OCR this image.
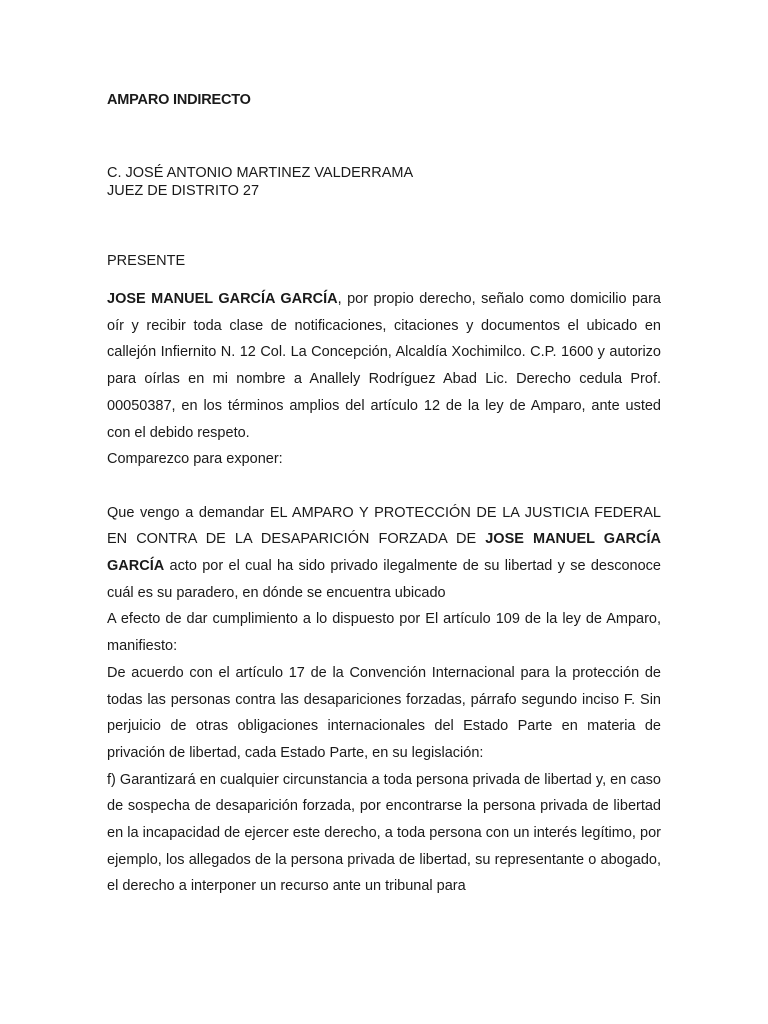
AMPARO INDIRECTO
C. JOSÉ ANTONIO MARTINEZ VALDERRAMA
JUEZ DE DISTRITO 27
PRESENTE

JOSE MANUEL GARCÍA GARCÍA, por propio derecho, señalo como domicilio para oír y recibir toda clase de notificaciones, citaciones y documentos el ubicado en callejón Infiernito N. 12 Col. La Concepción, Alcaldía Xochimilco. C.P. 1600 y autorizo para oírlas en mi nombre a Anallely Rodríguez Abad Lic. Derecho cedula Prof. 00050387, en los términos amplios del artículo 12 de la ley de Amparo, ante usted con el debido respeto.

Comparezco para exponer:

Que vengo a demandar EL AMPARO Y PROTECCIÓN DE LA JUSTICIA FEDERAL EN CONTRA DE LA DESAPARICIÓN FORZADA DE JOSE MANUEL GARCÍA GARCÍA acto por el cual ha sido privado ilegalmente de su libertad y se desconoce cuál es su paradero, en dónde se encuentra ubicado

A efecto de dar cumplimiento a lo dispuesto por El artículo 109 de la ley de Amparo, manifiesto:

De acuerdo con el artículo 17 de la Convención Internacional para la protección de todas las personas contra las desapariciones forzadas, párrafo segundo inciso F. Sin perjuicio de otras obligaciones internacionales del Estado Parte en materia de privación de libertad, cada Estado Parte, en su legislación:

f) Garantizará en cualquier circunstancia a toda persona privada de libertad y, en caso de sospecha de desaparición forzada, por encontrarse la persona privada de libertad en la incapacidad de ejercer este derecho, a toda persona con un interés legítimo, por ejemplo, los allegados de la persona privada de libertad, su representante o abogado, el derecho a interponer un recurso ante un tribunal para
